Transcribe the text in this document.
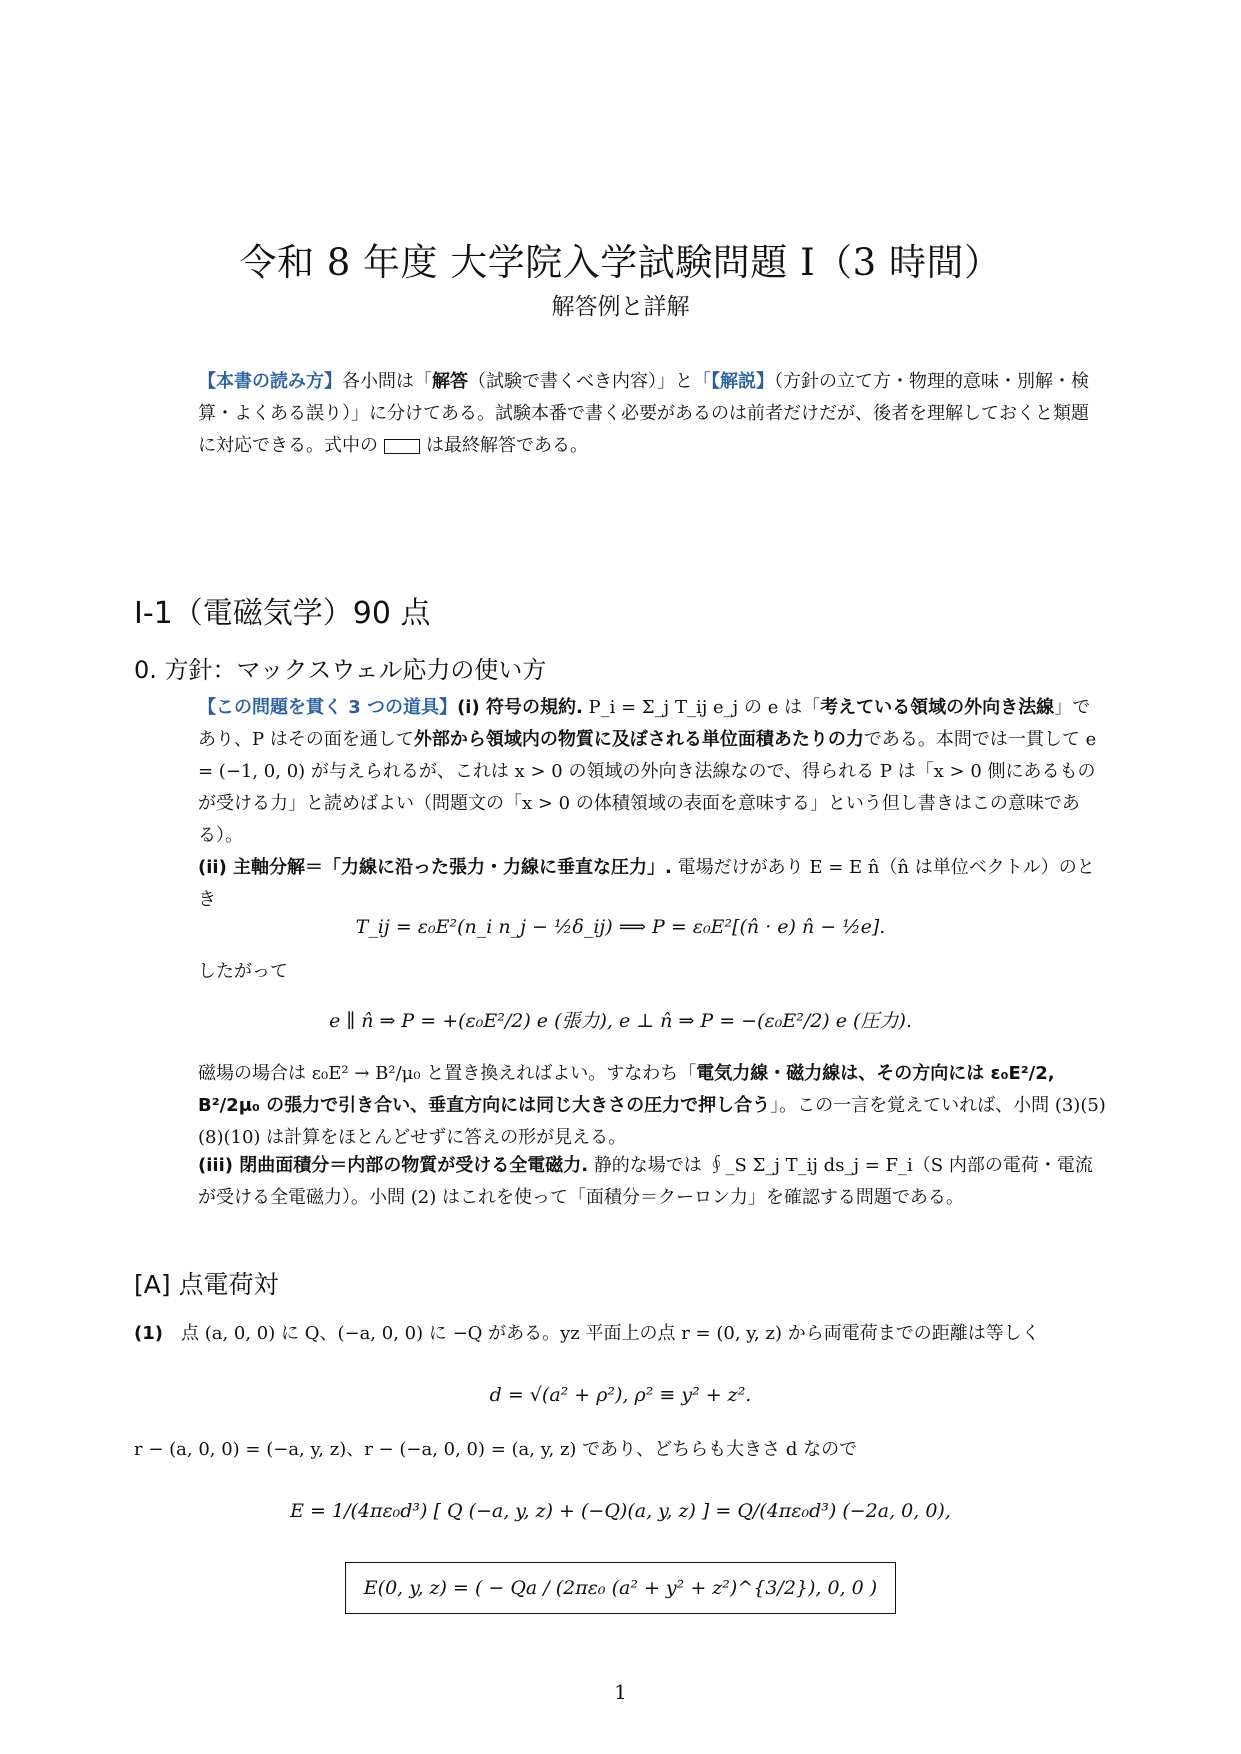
令和 8 年度 大学院入学試験問題 I（3 時間）
解答例と詳解
【本書の読み方】各小問は「解答（試験で書くべき内容）」と「【解説】（方針の立て方・物理的意味・別解・検算・よくある誤り）」に分けてある。試験本番で書く必要があるのは前者だけだが、後者を理解しておくと類題に対応できる。式中の	は最終解答である。
I-1（電磁気学）90 点
0. 方針：マックスウェル応力の使い方
【この問題を貫く 3 つの道具】(i) 符号の規約. P_i = Σ_j T_ij e_j の e は「考えている領域の外向き法線」であり、P はその面を通して外部から領域内の物質に及ぼされる単位面積あたりの力である。本問では一貫して e = (−1, 0, 0) が与えられるが、これは x > 0 の領域の外向き法線なので、得られる P は「x > 0 側にあるものが受ける力」と読めばよい（問題文の「x > 0 の体積領域の表面を意味する」という但し書きはこの意味である）。
(ii) 主軸分解＝「力線に沿った張力・力線に垂直な圧力」. 電場だけがあり E = E n̂（n̂ は単位ベクトル）のとき
T_ij = ε₀E²(n_i n_j − ½δ_ij) ⟹ P = ε₀E²[(n̂ · e) n̂ − ½e].
したがって
e ∥ n̂ ⇒ P = +(ε₀E²/2) e (張力), e ⊥ n̂ ⇒ P = −(ε₀E²/2) e (圧力).
磁場の場合は ε₀E² → B²/μ₀ と置き換えればよい。すなわち「電気力線・磁力線は、その方向には ε₀E²/2, B²/2μ₀ の張力で引き合い、垂直方向には同じ大きさの圧力で押し合う」。この一言を覚えていれば、小問 (3)(5)(8)(10) は計算をほとんどせずに答えの形が見える。
(iii) 閉曲面積分＝内部の物質が受ける全電磁力. 静的な場では ∮_S Σ_j T_ij ds_j = F_i（S 内部の電荷・電流が受ける全電磁力）。小問 (2) はこれを使って「面積分＝クーロン力」を確認する問題である。
[A] 点電荷対
(1)　 点 (a, 0, 0) に Q、(−a, 0, 0) に −Q がある。yz 平面上の点 r = (0, y, z) から両電荷までの距離は等しく
d = √(a² + ρ²), ρ² ≡ y² + z².
r − (a, 0, 0) = (−a, y, z)、r − (−a, 0, 0) = (a, y, z) であり、どちらも大きさ d なので
E = 1/(4πε₀d³) [ Q (−a, y, z) + (−Q)(a, y, z) ] = Q/(4πε₀d³) (−2a, 0, 0),
E(0, y, z) = ( − Qa / (2πε₀ (a² + y² + z²)^{3/2}), 0, 0 )
1
